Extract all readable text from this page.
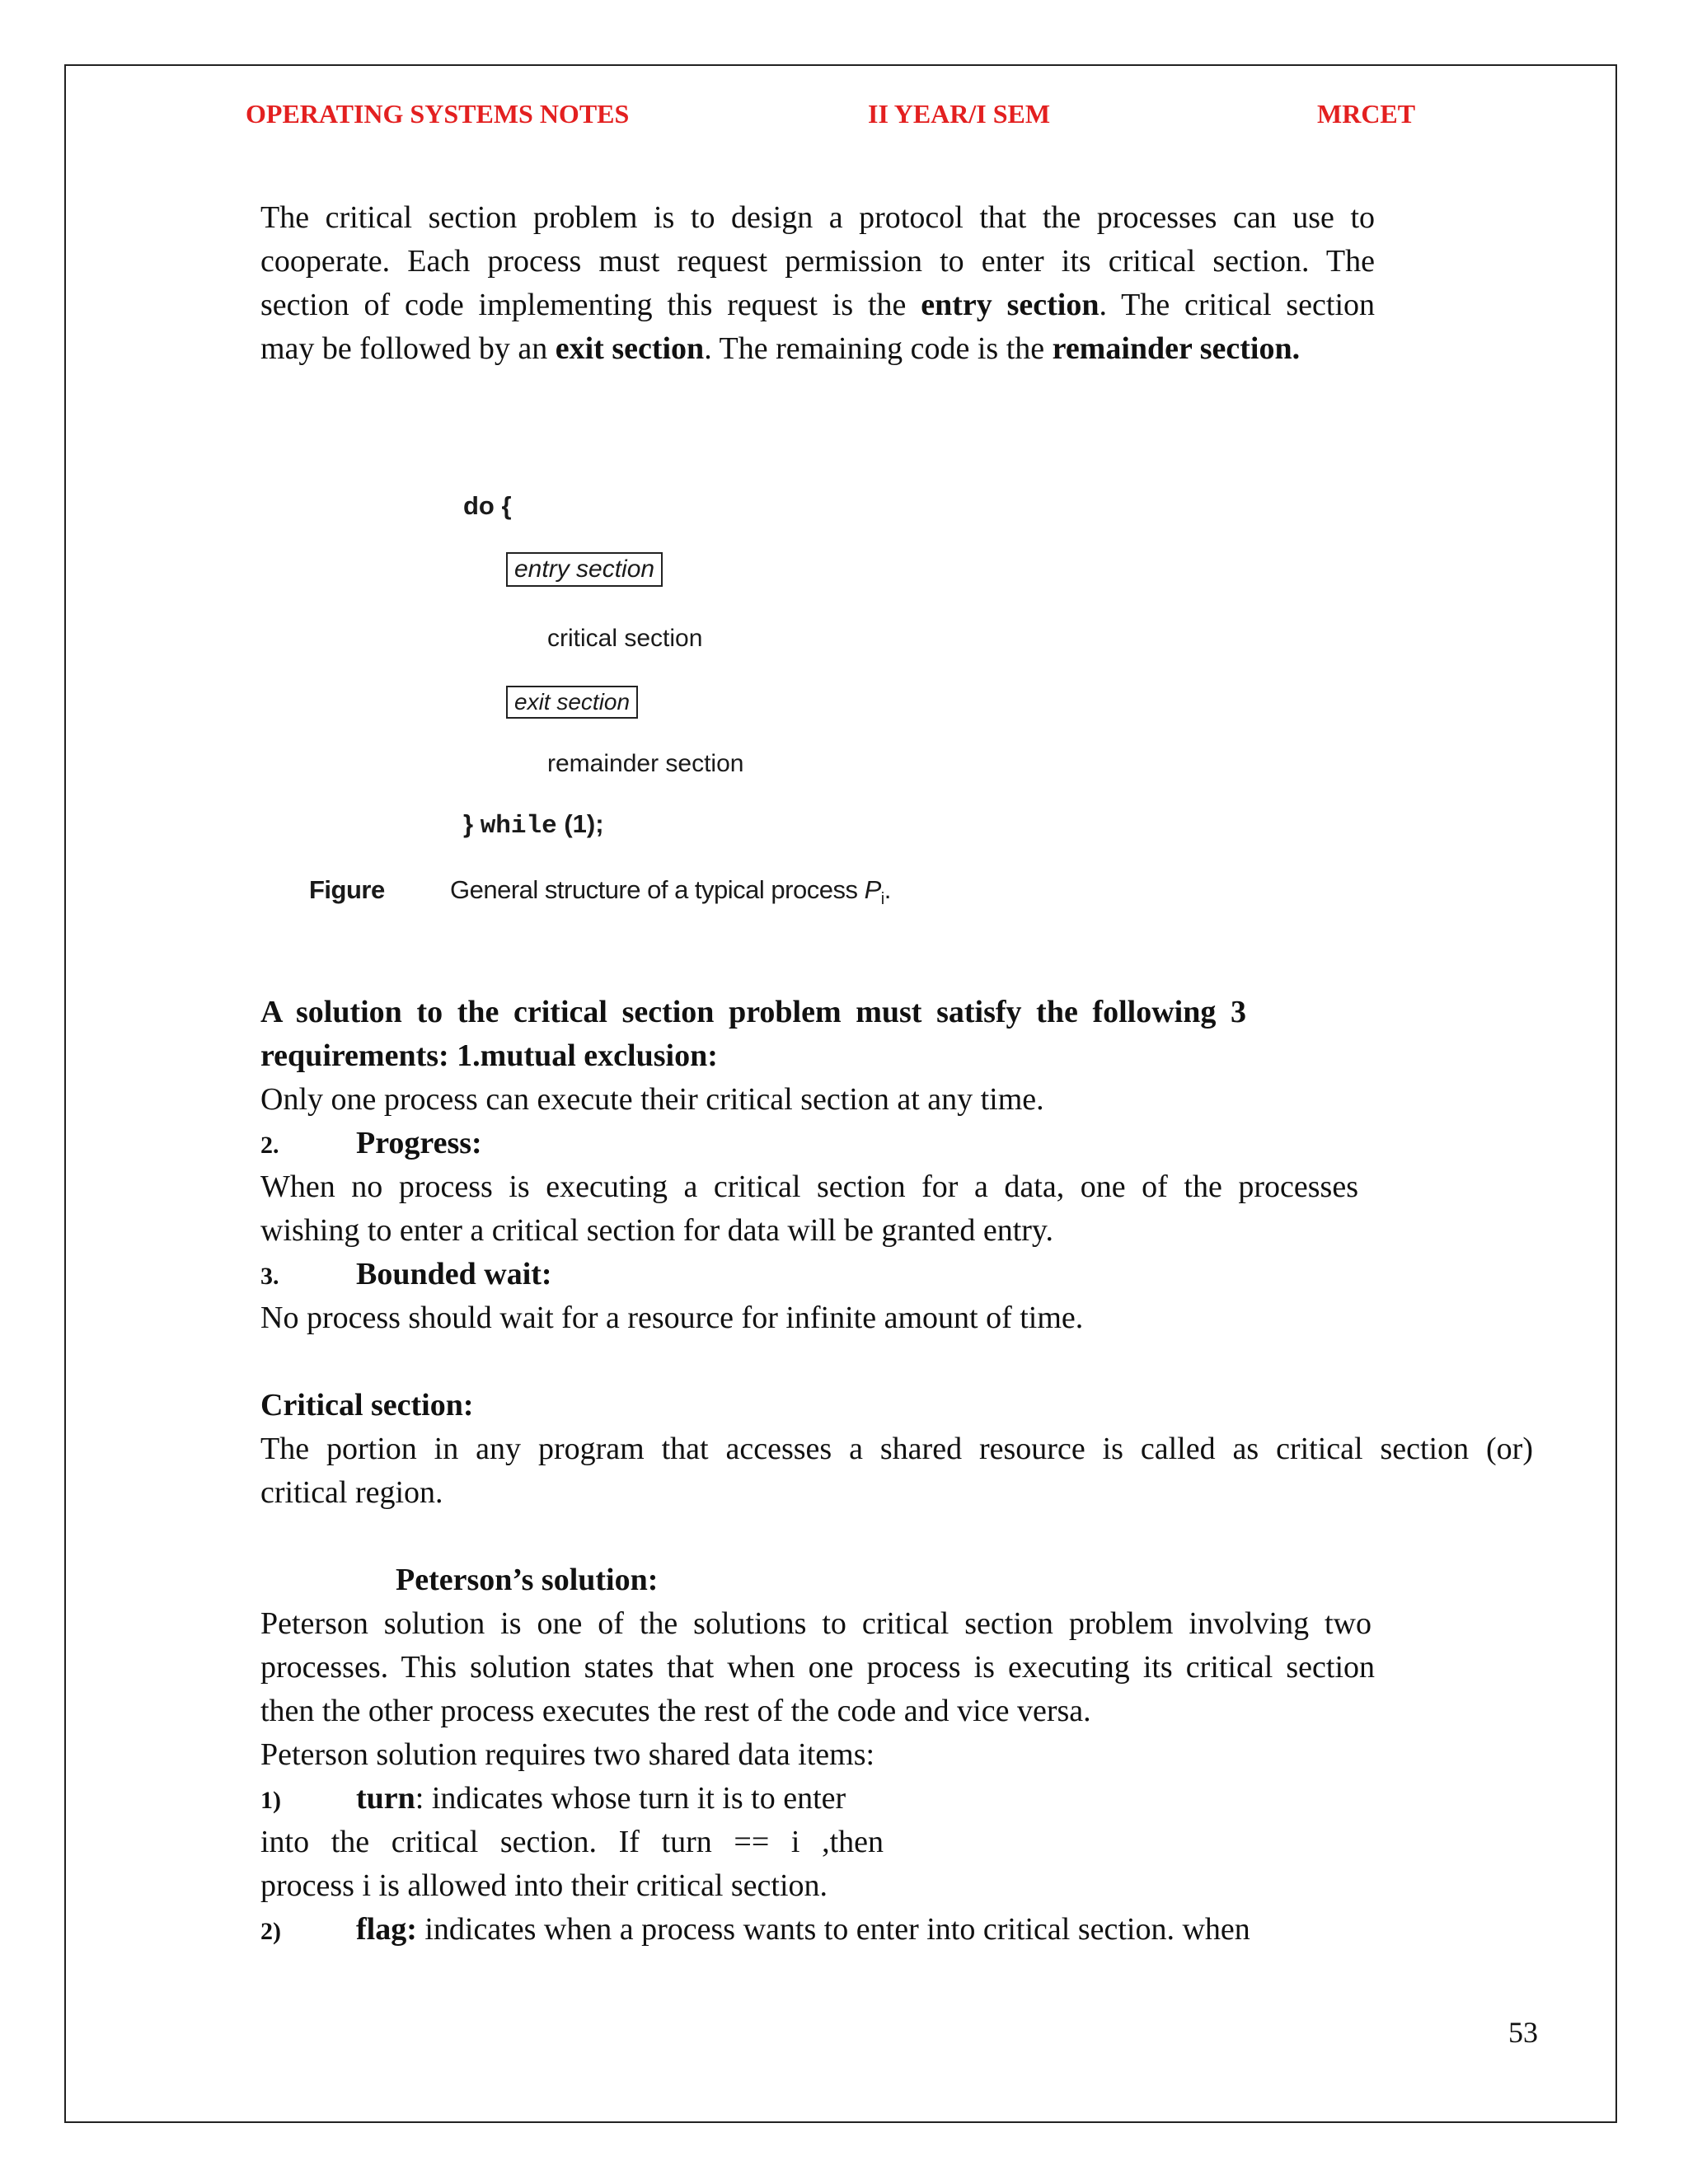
OPERATING SYSTEMS NOTES	II YEAR/I SEM	MRCET
The critical section problem is to design a protocol that the processes can use to
cooperate. Each process must request permission to enter its critical section. The
section of code implementing this request is the entry section. The critical section
may be followed by an exit section. The remaining code is the remainder section.
do {
entry section
critical section
exit section
remainder section
} while (1);
Figure	General structure of a typical process $P_i$.
A solution to the critical section problem must satisfy the following 3
requirements: 1.mutual exclusion:
Only one process can execute their critical section at any time.
2. Progress:
When no process is executing a critical section for a data, one of the processes
wishing to enter a critical section for data will be granted entry.
3. Bounded wait:
No process should wait for a resource for infinite amount of time.
Critical section:
The portion in any program that accesses a shared resource is called as critical section (or)
critical region.
Peterson’s solution:
Peterson solution is one of the solutions to critical section problem involving two
processes. This solution states that when one process is executing its critical section
then the other process executes the rest of the code and vice versa.
Peterson solution requires two shared data items:
1) turn: indicates whose turn it is to enter
into the critical section. If turn == i ,then
process i is allowed into their critical section.
2) flag: indicates when a process wants to enter into critical section. when
53
